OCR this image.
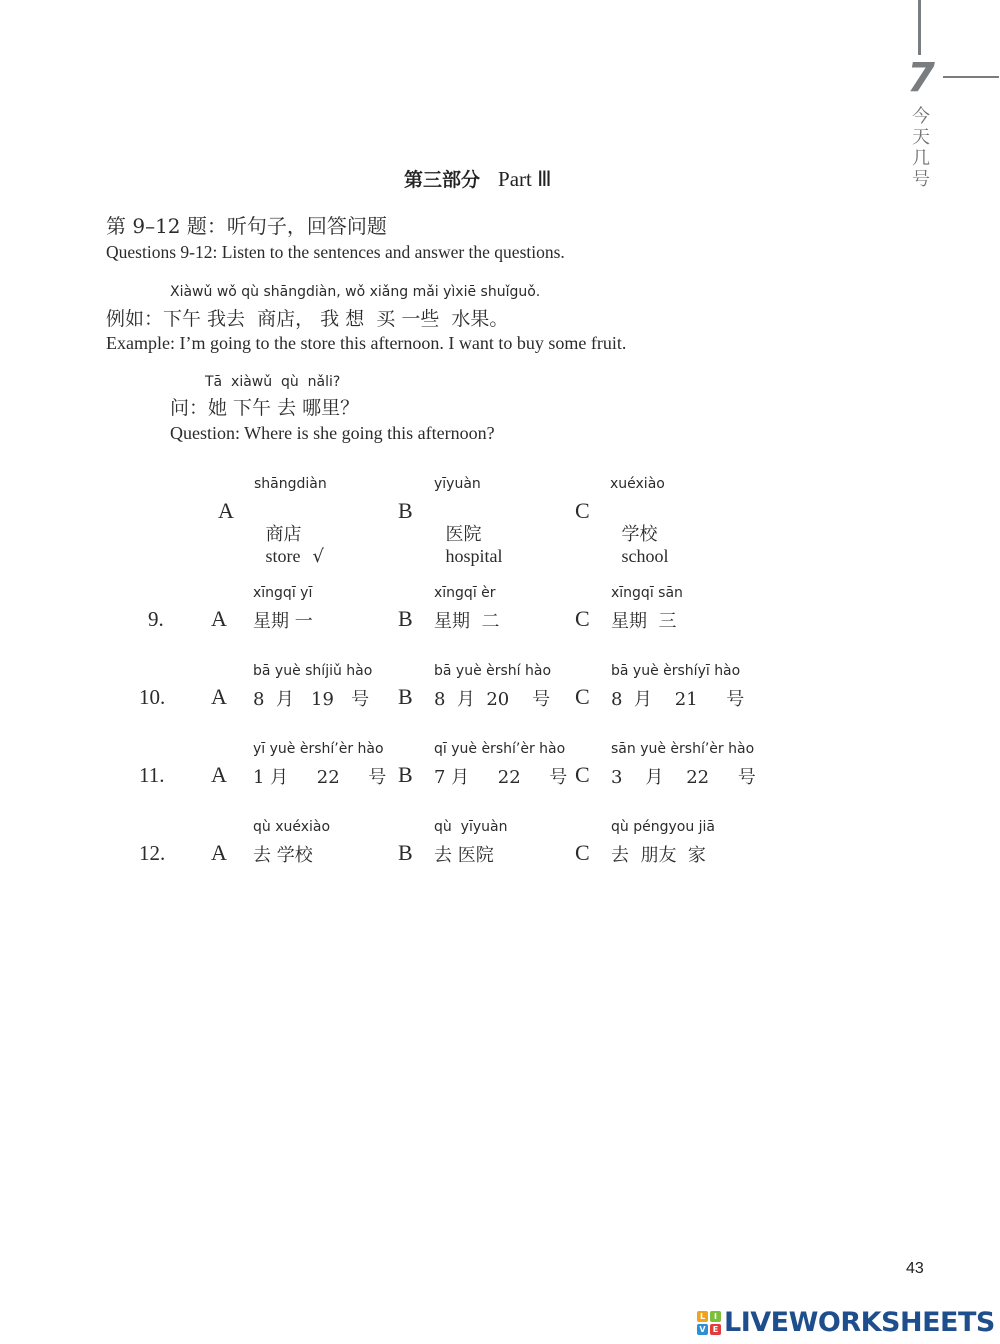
7
今
天
几
号
第三部分 Part Ⅲ
第 9–12 题：听句子，回答问题
Questions 9-12: Listen to the sentences and answer the questions.
Xiàwǔ wǒ qù shāngdiàn, wǒ xiǎng mǎi yìxiē shuǐguǒ.
例如：下午 我去  商店， 我 想  买 一些  水果。
Example: I’m going to the store this afternoon. I want to buy some fruit.
Tā  xiàwǔ  qù  nǎli?
问：她 下午 去 哪里？
Question: Where is she going this afternoon?
shāngdiàn
A

商店
store √

yīyuàn
B

医院
hospital

xuéxiào
C

学校
school

9.
xīngqī yī
A 星期 一
xīngqī èr
B 星期  二
xīngqī sān
C 星期  三
10.
bā yuè shíjiǔ hào
A 8  月   19   号
bā yuè èrshí hào
B 8  月  20    号
bā yuè èrshíyī hào
C 8  月    21     号
11.
yī yuè èrshí’èr hào
A 1 月     22     号
qī yuè èrshí’èr hào
B 7 月     22     号
sān yuè èrshí’èr hào
C 3    月    22     号
12.
qù xuéxiào
A 去 学校
qù  yīyuàn
B 去 医院
qù péngyou jiā
C 去  朋友  家
43
L	I
V E LIVEWORKSHEETS
